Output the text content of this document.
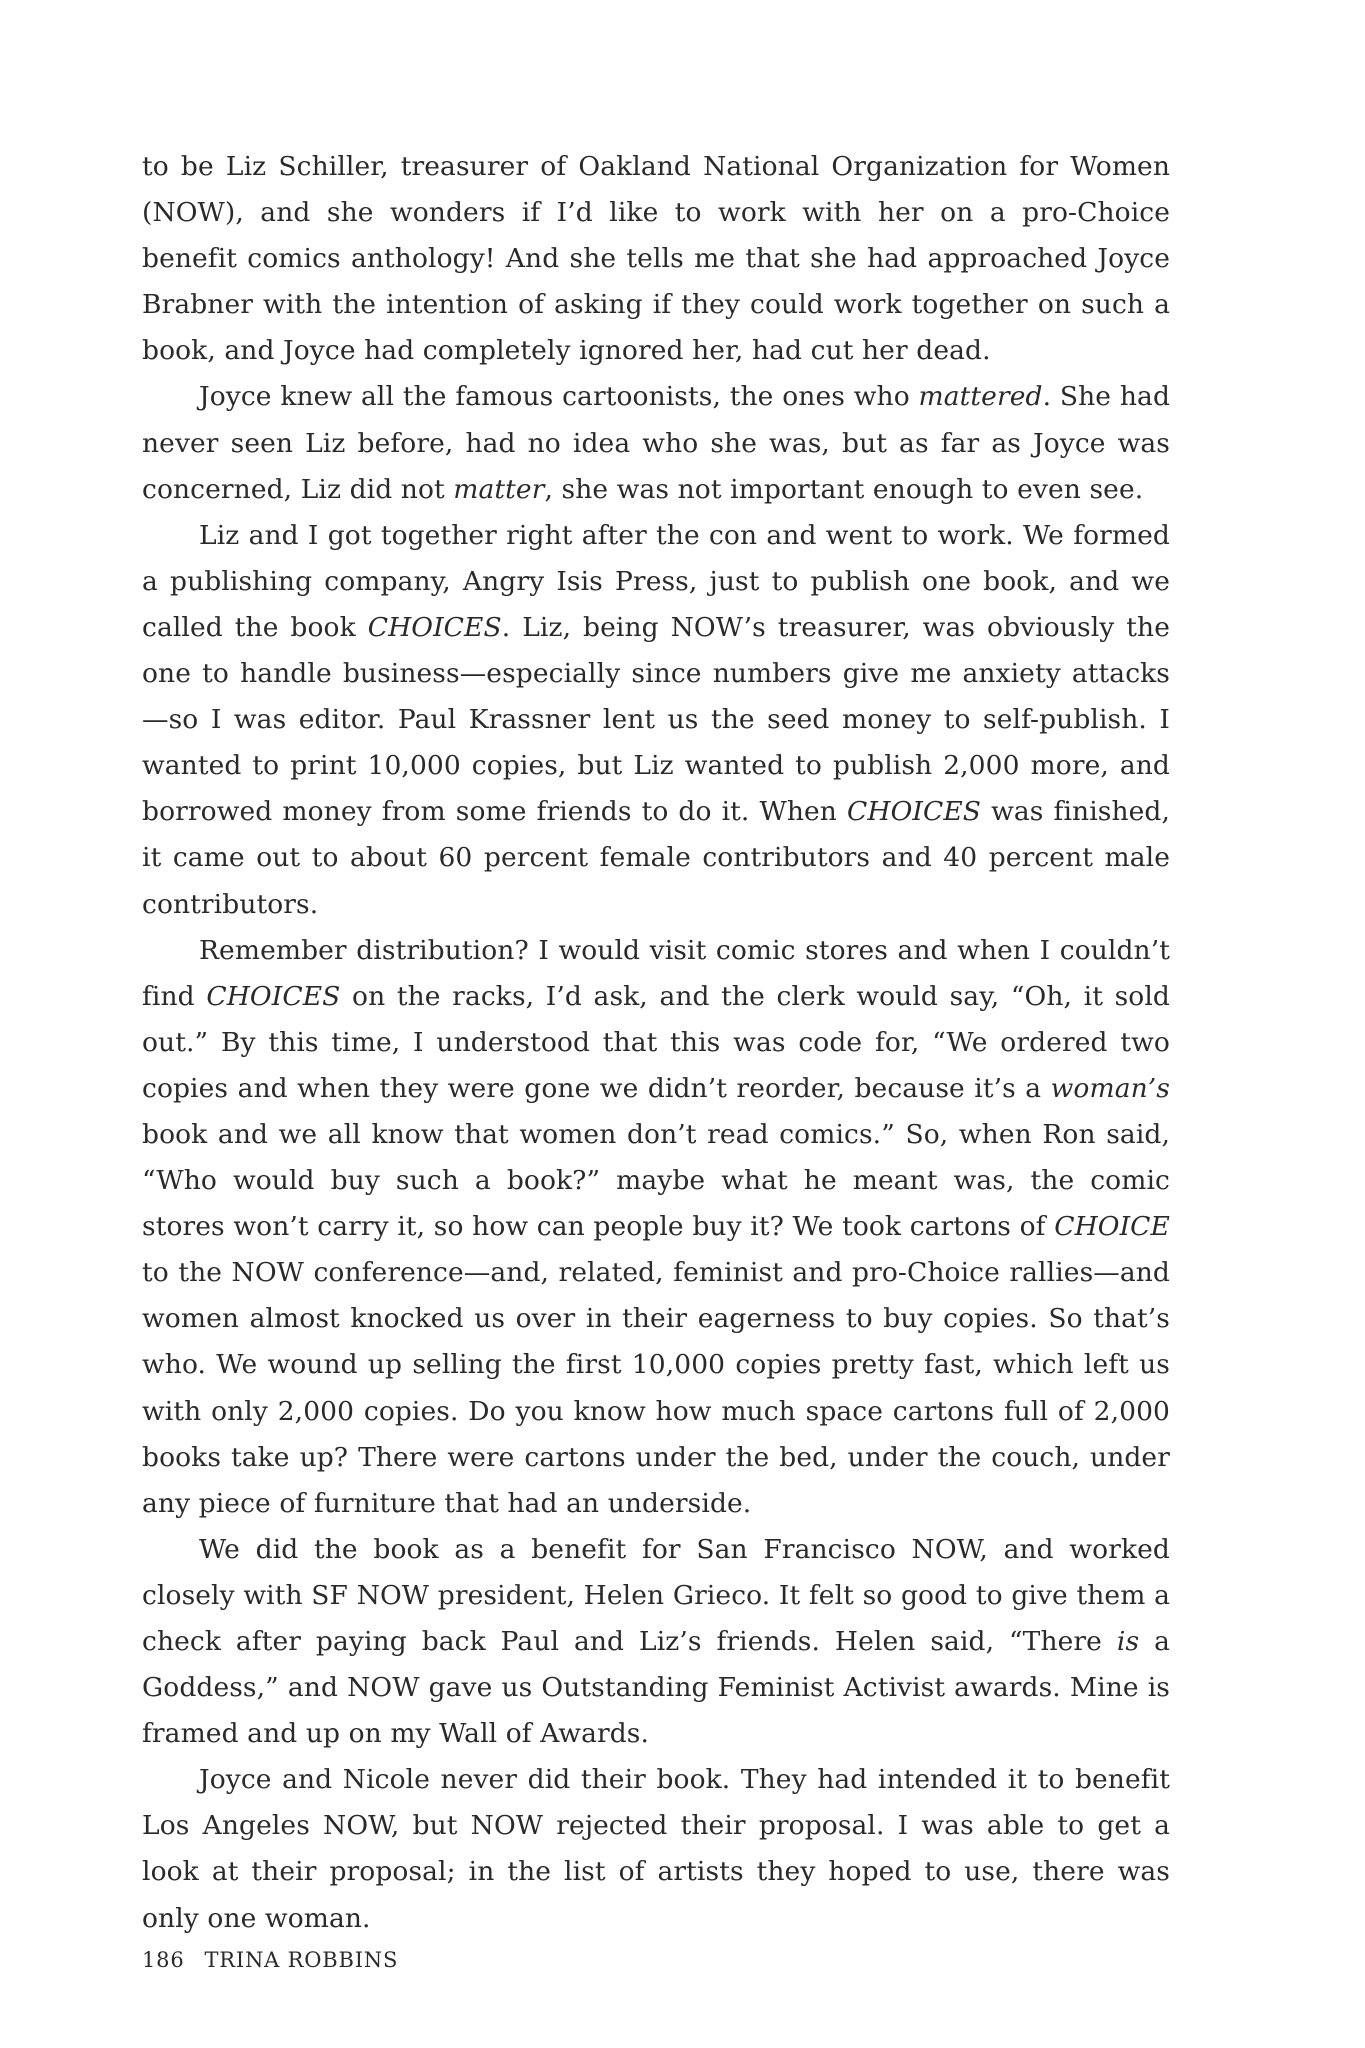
to be Liz Schiller, treasurer of Oakland National Organization for Women (NOW), and she wonders if I’d like to work with her on a pro-Choice benefit comics anthology! And she tells me that she had approached Joyce Brabner with the intention of asking if they could work together on such a book, and Joyce had completely ignored her, had cut her dead.

Joyce knew all the famous cartoonists, the ones who mattered. She had never seen Liz before, had no idea who she was, but as far as Joyce was concerned, Liz did not matter, she was not important enough to even see.

Liz and I got together right after the con and went to work. We formed a publishing company, Angry Isis Press, just to publish one book, and we called the book CHOICES. Liz, being NOW’s treasurer, was obviously the one to handle business—especially since numbers give me anxiety attacks—so I was editor. Paul Krassner lent us the seed money to self-publish. I wanted to print 10,000 copies, but Liz wanted to publish 2,000 more, and borrowed money from some friends to do it. When CHOICES was finished, it came out to about 60 percent female contributors and 40 percent male contributors.

Remember distribution? I would visit comic stores and when I couldn’t find CHOICES on the racks, I’d ask, and the clerk would say, “Oh, it sold out.” By this time, I understood that this was code for, “We ordered two copies and when they were gone we didn’t reorder, because it’s a woman’s book and we all know that women don’t read comics.” So, when Ron said, “Who would buy such a book?” maybe what he meant was, the comic stores won’t carry it, so how can people buy it? We took cartons of CHOICE to the NOW conference—and, related, feminist and pro-Choice rallies—and women almost knocked us over in their eagerness to buy copies. So that’s who. We wound up selling the first 10,000 copies pretty fast, which left us with only 2,000 copies. Do you know how much space cartons full of 2,000 books take up? There were cartons under the bed, under the couch, under any piece of furniture that had an underside.

We did the book as a benefit for San Francisco NOW, and worked closely with SF NOW president, Helen Grieco. It felt so good to give them a check after paying back Paul and Liz’s friends. Helen said, “There is a Goddess,” and NOW gave us Outstanding Feminist Activist awards. Mine is framed and up on my Wall of Awards.

Joyce and Nicole never did their book. They had intended it to benefit Los Angeles NOW, but NOW rejected their proposal. I was able to get a look at their proposal; in the list of artists they hoped to use, there was only one woman.

186 TRINA ROBBINS
